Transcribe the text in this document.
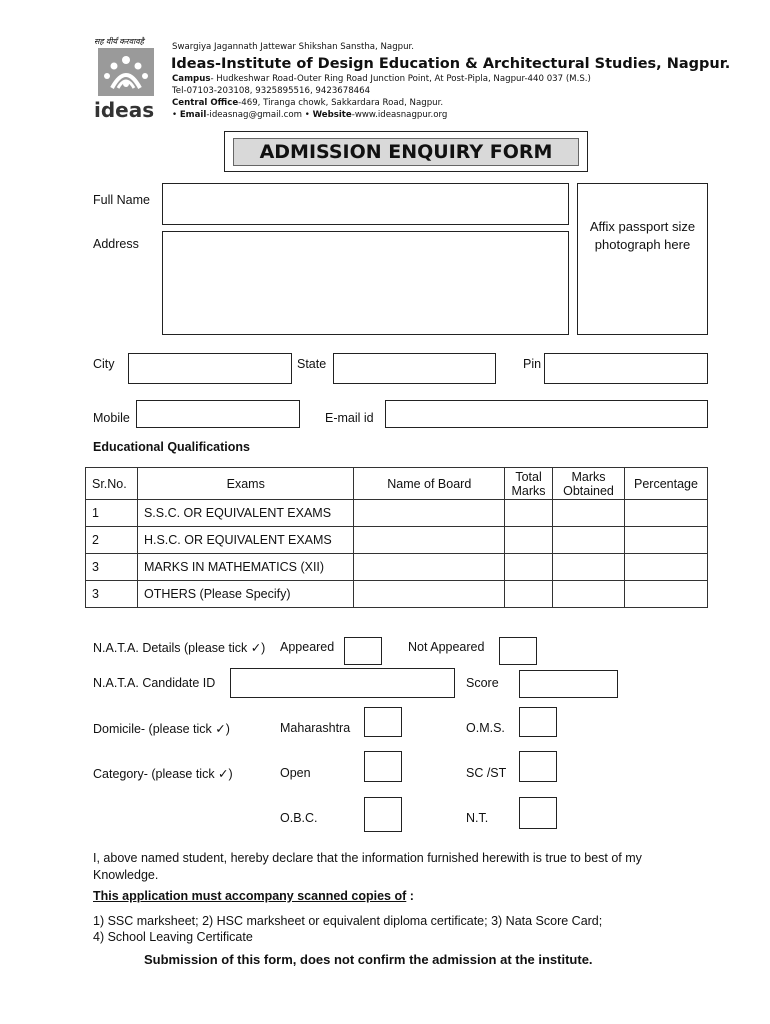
सह वीर्यं करवावहै
ideas
Swargiya Jagannath Jattewar Shikshan Sanstha, Nagpur.
Ideas-Institute of Design Education & Architectural Studies, Nagpur.
Campus- Hudkeshwar Road-Outer Ring Road Junction Point, At Post-Pipla, Nagpur-440 037 (M.S.)
Tel-07103-203108, 9325895516, 9423678464
Central Office-469, Tiranga chowk, Sakkardara Road, Nagpur.
• Email-ideasnag@gmail.com • Website-www.ideasnagpur.org
ADMISSION ENQUIRY FORM
Full Name
Address
Affix passport size photograph here
City	State	Pin
Mobile	E-mail id
Educational Qualifications
Sr.No.	Exams	Name of Board	Total Marks	Marks Obtained	Percentage
1	S.S.C. OR EQUIVALENT EXAMS				
2	H.S.C. OR EQUIVALENT EXAMS				
3	MARKS IN MATHEMATICS (XII)				
3	OTHERS (Please Specify)				
N.A.T.A. Details (please tick ✓) Appeared	Not Appeared
N.A.T.A. Candidate ID	Score
Domicile- (please tick ✓)	Maharashtra	O.M.S.
Category- (please tick ✓)	Open	SC /ST
O.B.C.	N.T.
I, above named student, hereby declare that the information furnished herewith is true to best of my Knowledge.
This application must accompany scanned copies of :
1) SSC marksheet; 2) HSC marksheet or equivalent diploma certificate; 3) Nata Score Card;
4) School Leaving Certificate
Submission of this form, does not confirm the admission at the institute.
